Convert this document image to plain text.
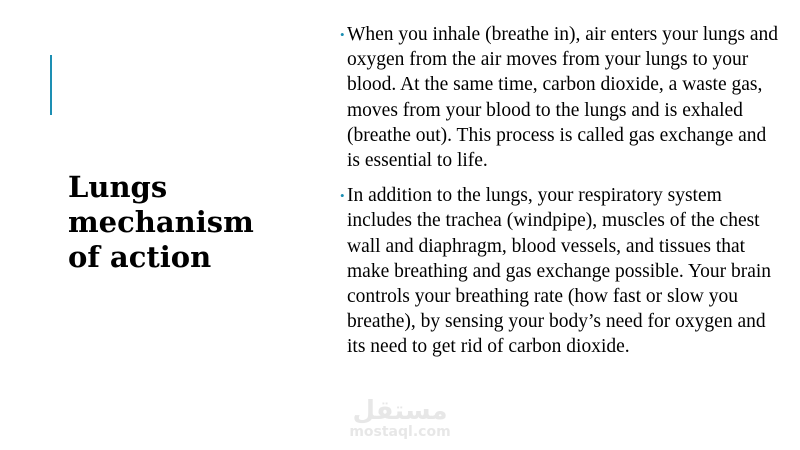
Lungs
mechanism
of action
• When you inhale (breathe in), air enters your lungs and oxygen from the air moves from your lungs to your blood. At the same time, carbon dioxide, a waste gas, moves from your blood to the lungs and is exhaled (breathe out). This process is called gas exchange and is essential to life.
• In addition to the lungs, your respiratory system includes the trachea (windpipe), muscles of the chest wall and diaphragm, blood vessels, and tissues that make breathing and gas exchange possible. Your brain controls your breathing rate (how fast or slow you breathe), by sensing your body’s need for oxygen and its need to get rid of carbon dioxide.
مستقل
mostaql.com
